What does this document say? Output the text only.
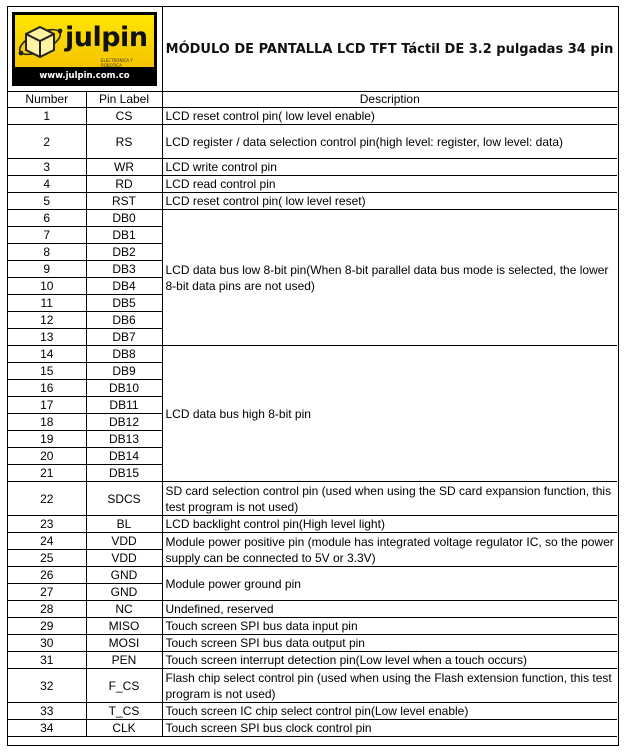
julpin
ELECTRONICA Y ROBOTICA
www.julpin.com.co
MÓDULO DE PANTALLA LCD TFT Táctil DE 3.2 pulgadas 34 pin
Number	Pin Label	Description
1	CS	LCD reset control pin( low level enable)
2	RS	LCD register / data selection control pin(high level: register, low level: data)
3	WR	LCD write control pin
4	RD	LCD read control pin
5	RST	LCD reset control pin( low level reset)
6	DB0	LCD data bus low 8-bit pin(When 8-bit parallel data bus mode is selected, the lower 8-bit data pins are not used)
7	DB1	
8	DB2	
9	DB3	
10	DB4	
11	DB5	
12	DB6	
13	DB7	
14	DB8	LCD data bus high 8-bit pin
15	DB9	
16	DB10	
17	DB11	
18	DB12	
19	DB13	
20	DB14	
21	DB15	
22	SDCS	SD card selection control pin (used when using the SD card expansion function, this test program is not used)
23	BL	LCD backlight control pin(High level light)
24	VDD	Module power positive pin (module has integrated voltage regulator IC, so the power supply can be connected to 5V or 3.3V)
25	VDD	
26	GND	Module power ground pin
27	GND	
28	NC	Undefined, reserved
29	MISO	Touch screen SPI bus data input pin
30	MOSI	Touch screen SPI bus data output pin
31	PEN	Touch screen interrupt detection pin(Low level when a touch occurs)
32	F_CS	Flash chip select control pin (used when using the Flash extension function, this test program is not used)
33	T_CS	Touch screen IC chip select control pin(Low level enable)
34	CLK	Touch screen SPI bus clock control pin
